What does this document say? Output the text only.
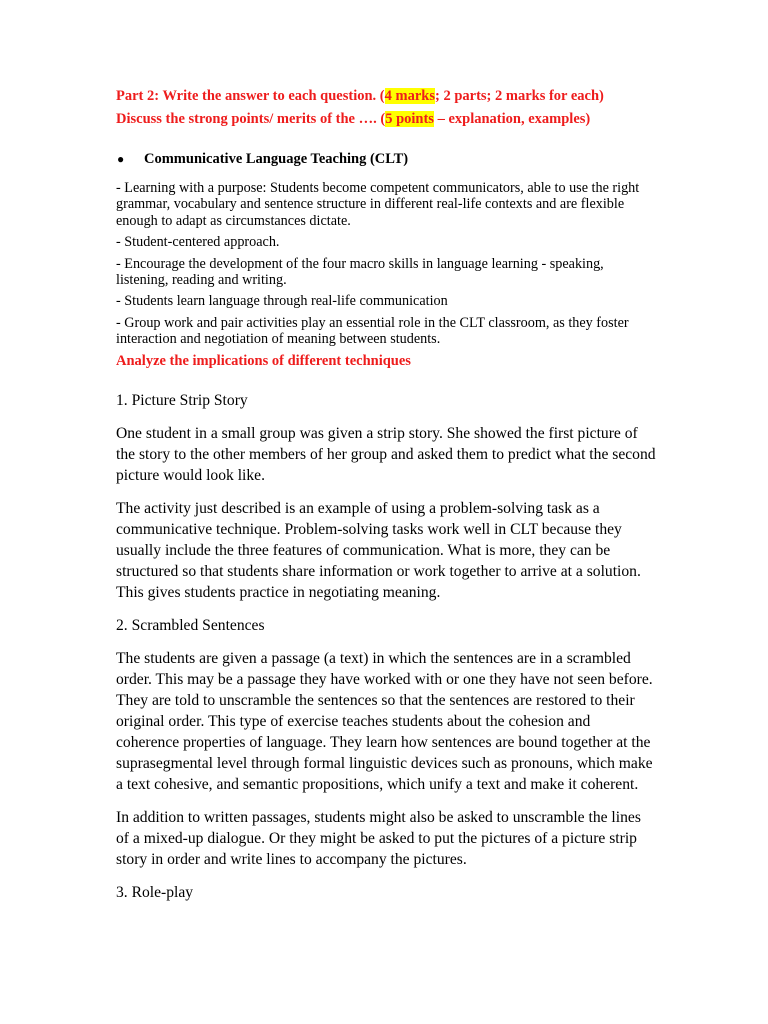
Part 2: Write the answer to each question. (4 marks; 2 parts; 2 marks for each)

Discuss the strong points/ merits of the …. (5 points – explanation, examples)

●	Communicative Language Teaching (CLT)

- Learning with a purpose: Students become competent communicators, able to use the right grammar, vocabulary and sentence structure in different real-life contexts and are flexible enough to adapt as circumstances dictate.

- Student-centered approach.

- Encourage the development of the four macro skills in language learning - speaking, listening, reading and writing.

- Students learn language through real-life communication

- Group work and pair activities play an essential role in the CLT classroom, as they foster interaction and negotiation of meaning between students.

Analyze the implications of different techniques

1. Picture Strip Story

One student in a small group was given a strip story. She showed the first picture of the story to the other members of her group and asked them to predict what the second picture would look like.

The activity just described is an example of using a problem-solving task as a communicative technique. Problem-solving tasks work well in CLT because they usually include the three features of communication. What is more, they can be structured so that students share information or work together to arrive at a solution. This gives students practice in negotiating meaning.

2. Scrambled Sentences

The students are given a passage (a text) in which the sentences are in a scrambled order. This may be a passage they have worked with or one they have not seen before. They are told to unscramble the sentences so that the sentences are restored to their original order. This type of exercise teaches students about the cohesion and coherence properties of language. They learn how sentences are bound together at the suprasegmental level through formal linguistic devices such as pronouns, which make a text cohesive, and semantic propositions, which unify a text and make it coherent.

In addition to written passages, students might also be asked to unscramble the lines of a mixed-up dialogue. Or they might be asked to put the pictures of a picture strip story in order and write lines to accompany the pictures.

3. Role-play
